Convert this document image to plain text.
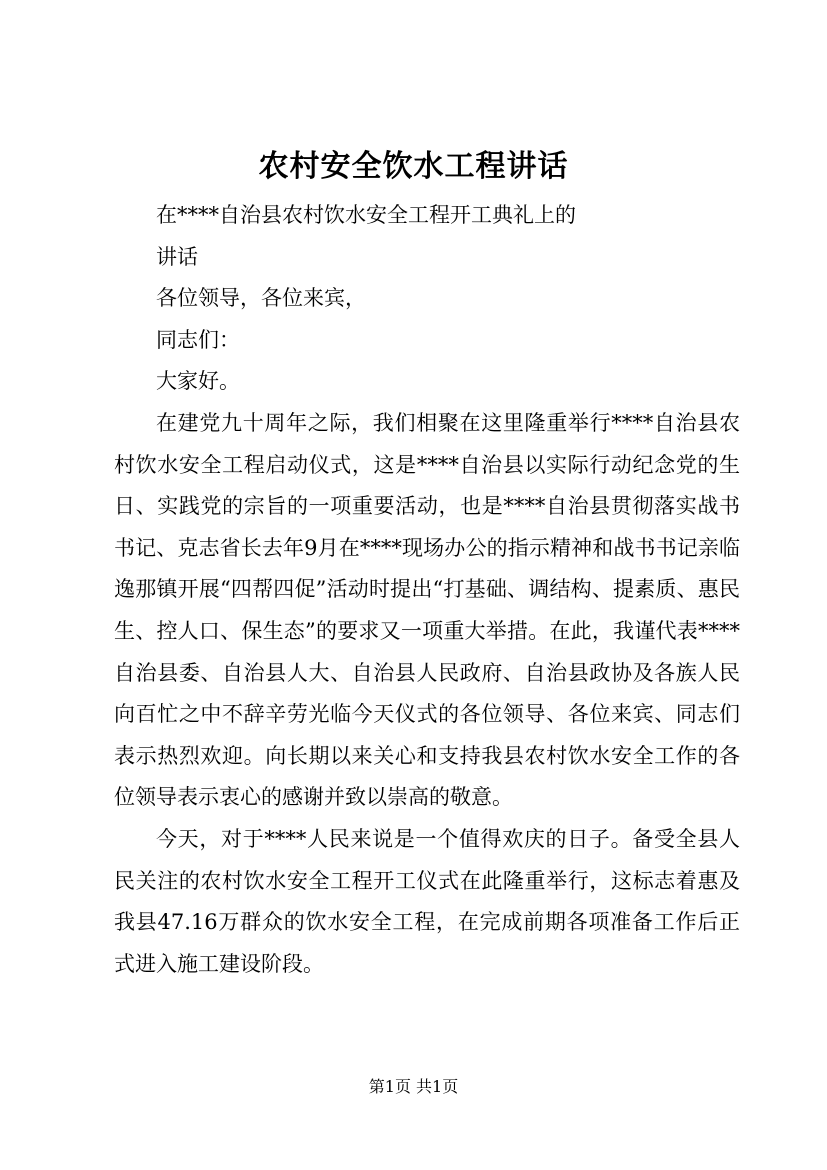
农村安全饮水工程讲话

在****自治县农村饮水安全工程开工典礼上的

讲话

各位领导，各位来宾，

同志们：

大家好。

在建党九十周年之际，我们相聚在这里隆重举行****自治县农村饮水安全工程启动仪式，这是****自治县以实际行动纪念党的生日、实践党的宗旨的一项重要活动，也是****自治县贯彻落实战书书记、克志省长去年9月在****现场办公的指示精神和战书书记亲临逸那镇开展“四帮四促”活动时提出“打基础、调结构、提素质、惠民生、控人口、保生态”的要求又一项重大举措。在此，我谨代表****自治县委、自治县人大、自治县人民政府、自治县政协及各族人民向百忙之中不辞辛劳光临今天仪式的各位领导、各位来宾、同志们表示热烈欢迎。向长期以来关心和支持我县农村饮水安全工作的各位领导表示衷心的感谢并致以崇高的敬意。

今天，对于****人民来说是一个值得欢庆的日子。备受全县人民关注的农村饮水安全工程开工仪式在此隆重举行，这标志着惠及我县47.16万群众的饮水安全工程，在完成前期各项准备工作后正式进入施工建设阶段。

第1页 共1页
